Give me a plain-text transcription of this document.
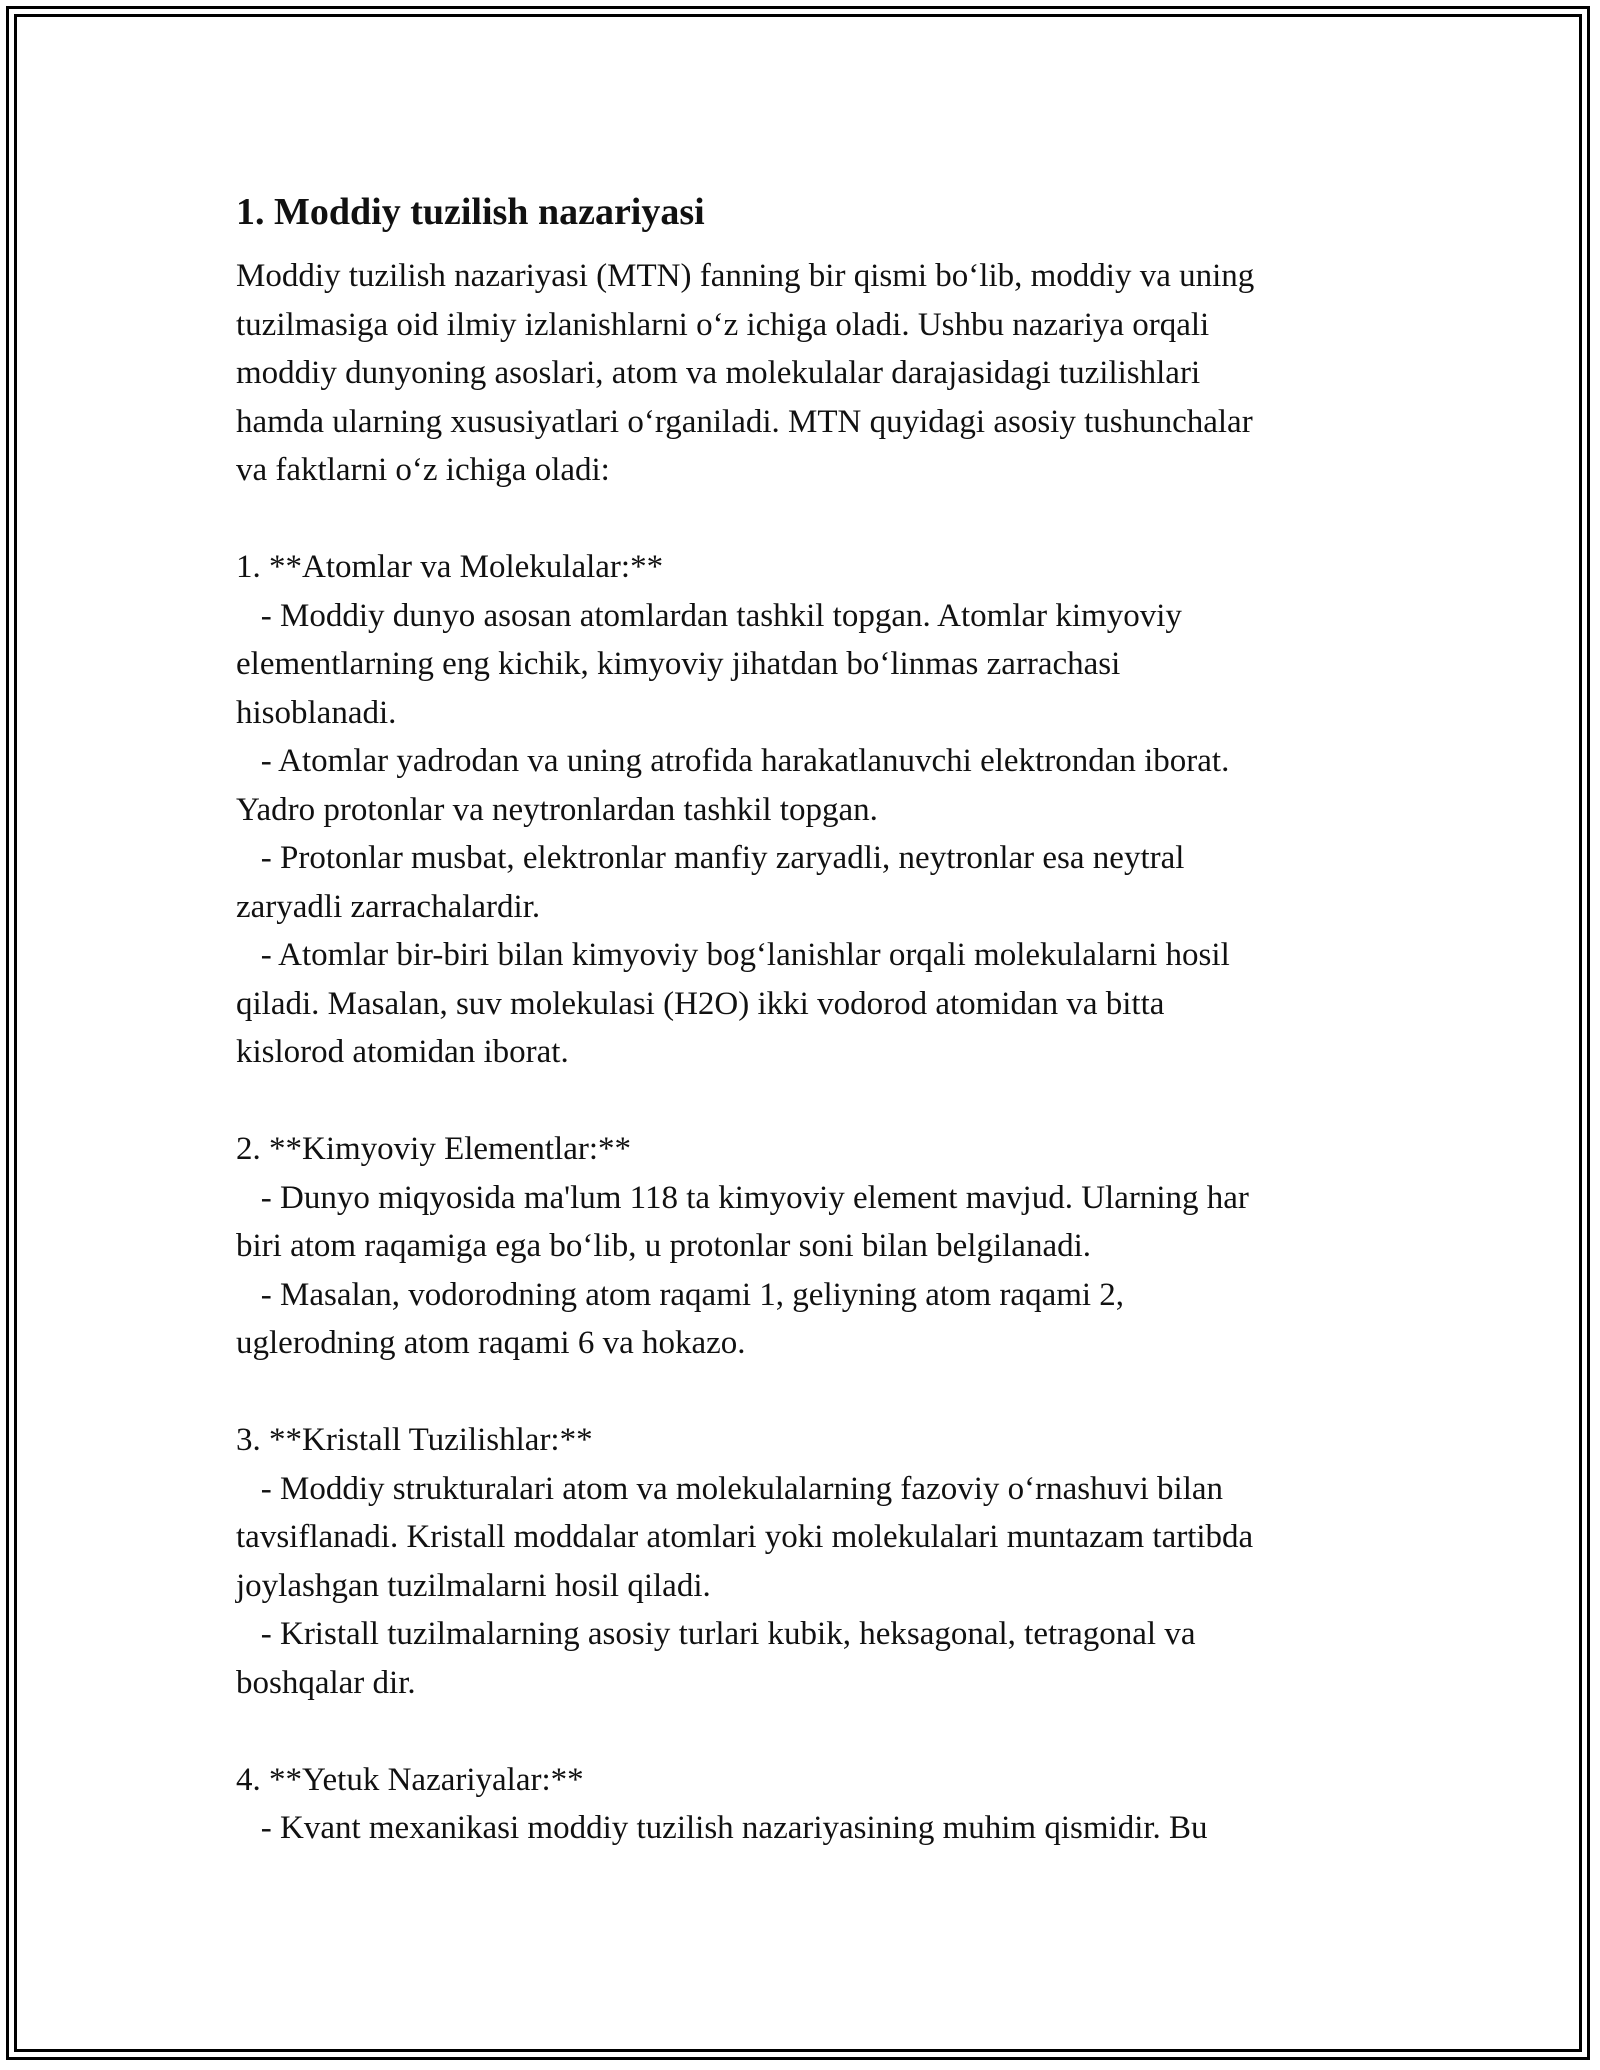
1. Moddiy tuzilish nazariyasi
Moddiy tuzilish nazariyasi (MTN) fanning bir qismi bo‘lib, moddiy va uning
tuzilmasiga oid ilmiy izlanishlarni o‘z ichiga oladi. Ushbu nazariya orqali
moddiy dunyoning asoslari, atom va molekulalar darajasidagi tuzilishlari
hamda ularning xususiyatlari o‘rganiladi. MTN quyidagi asosiy tushunchalar
va faktlarni o‘z ichiga oladi:
1. **Atomlar va Molekulalar:**
- Moddiy dunyo asosan atomlardan tashkil topgan. Atomlar kimyoviy
elementlarning eng kichik, kimyoviy jihatdan bo‘linmas zarrachasi
hisoblanadi.
- Atomlar yadrodan va uning atrofida harakatlanuvchi elektrondan iborat.
Yadro protonlar va neytronlardan tashkil topgan.
- Protonlar musbat, elektronlar manfiy zaryadli, neytronlar esa neytral
zaryadli zarrachalardir.
- Atomlar bir-biri bilan kimyoviy bog‘lanishlar orqali molekulalarni hosil
qiladi. Masalan, suv molekulasi (H2O) ikki vodorod atomidan va bitta
kislorod atomidan iborat.
2. **Kimyoviy Elementlar:**
- Dunyo miqyosida ma'lum 118 ta kimyoviy element mavjud. Ularning har
biri atom raqamiga ega bo‘lib, u protonlar soni bilan belgilanadi.
- Masalan, vodorodning atom raqami 1, geliyning atom raqami 2,
uglerodning atom raqami 6 va hokazo.
3. **Kristall Tuzilishlar:**
- Moddiy strukturalari atom va molekulalarning fazoviy o‘rnashuvi bilan
tavsiflanadi. Kristall moddalar atomlari yoki molekulalari muntazam tartibda
joylashgan tuzilmalarni hosil qiladi.
- Kristall tuzilmalarning asosiy turlari kubik, heksagonal, tetragonal va
boshqalar dir.
4. **Yetuk Nazariyalar:**
- Kvant mexanikasi moddiy tuzilish nazariyasining muhim qismidir. Bu
